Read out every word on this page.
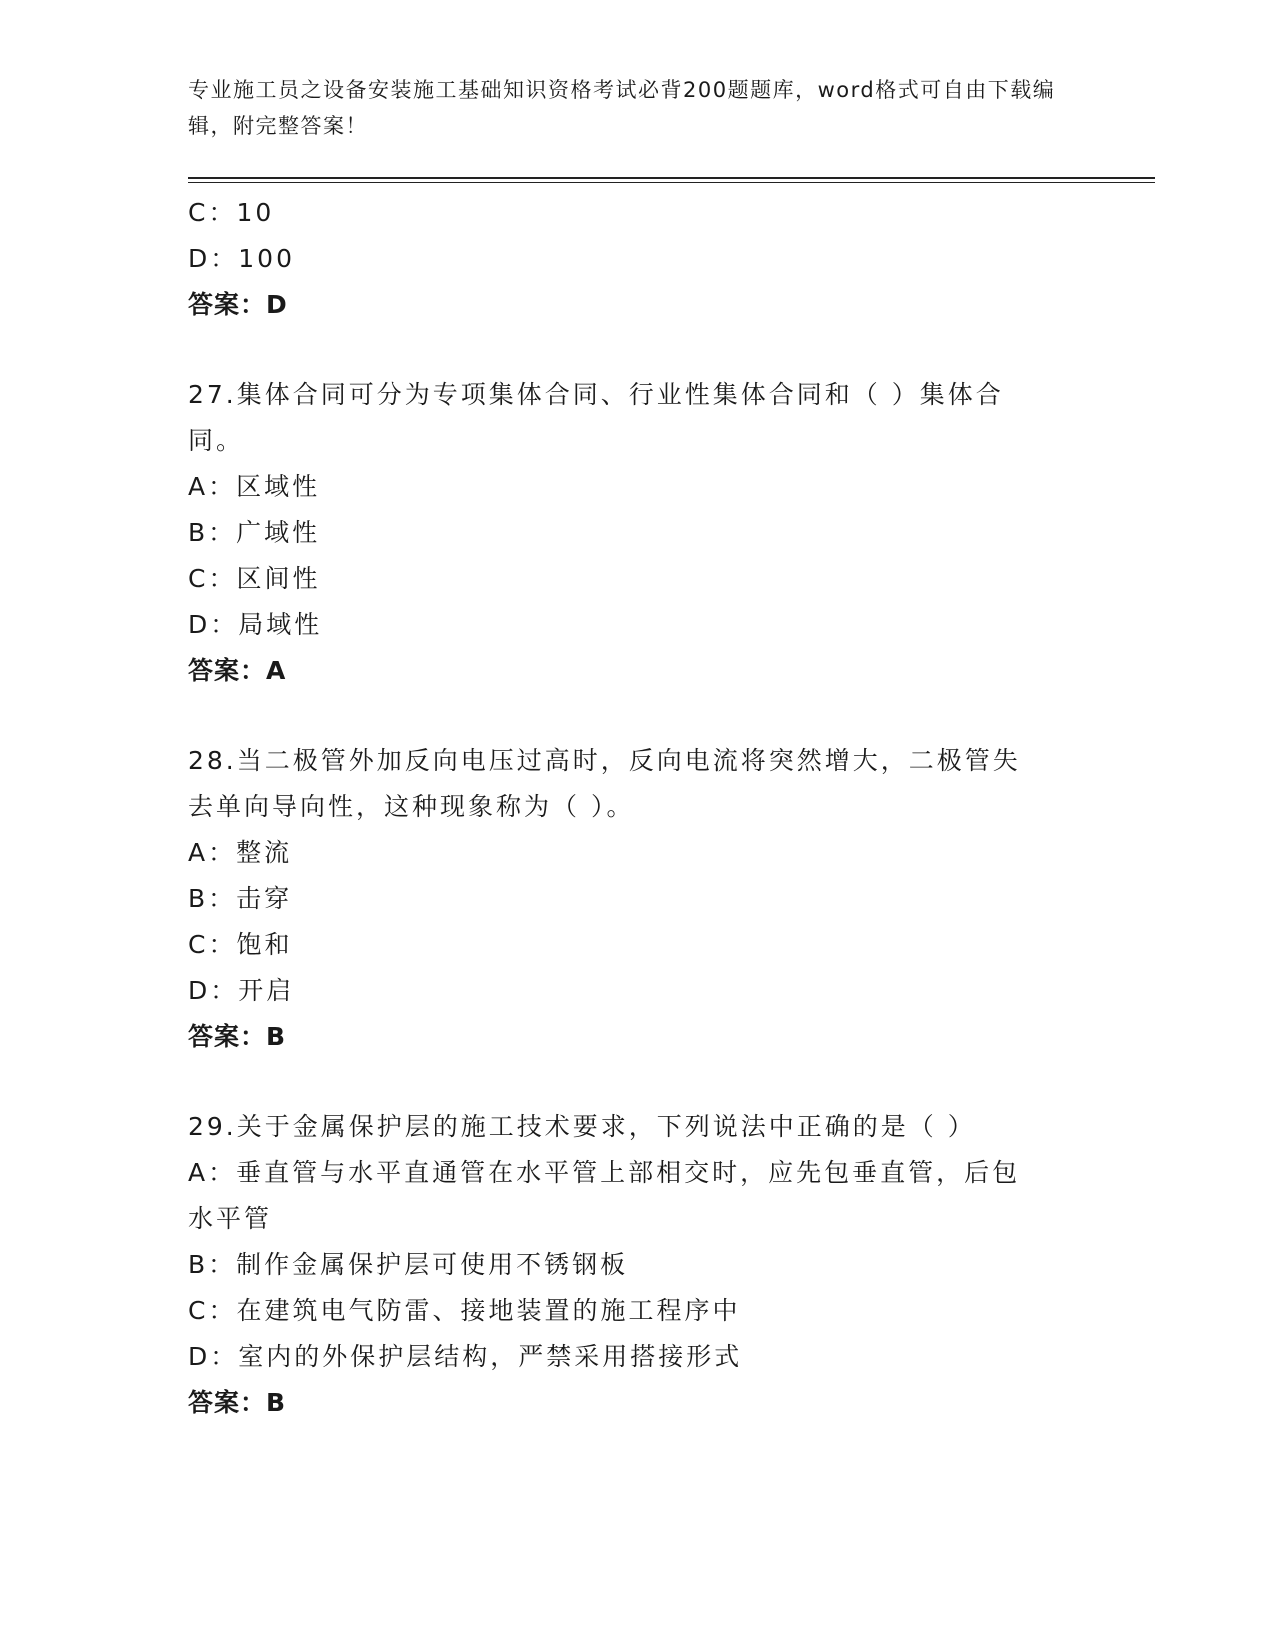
专业施工员之设备安装施工基础知识资格考试必背200题题库，word格式可自由下载编辑，附完整答案！
C：10
D：100
答案：D
27.集体合同可分为专项集体合同、行业性集体合同和（ ）集体合同。
A：区域性
B：广域性
C：区间性
D：局域性
答案：A
28.当二极管外加反向电压过高时，反向电流将突然增大，二极管失去单向导向性，这种现象称为（ ）。
A：整流
B：击穿
C：饱和
D：开启
答案：B
29.关于金属保护层的施工技术要求，下列说法中正确的是（ ）
A：垂直管与水平直通管在水平管上部相交时，应先包垂直管，后包水平管
B：制作金属保护层可使用不锈钢板
C：在建筑电气防雷、接地装置的施工程序中
D：室内的外保护层结构，严禁采用搭接形式
答案：B
